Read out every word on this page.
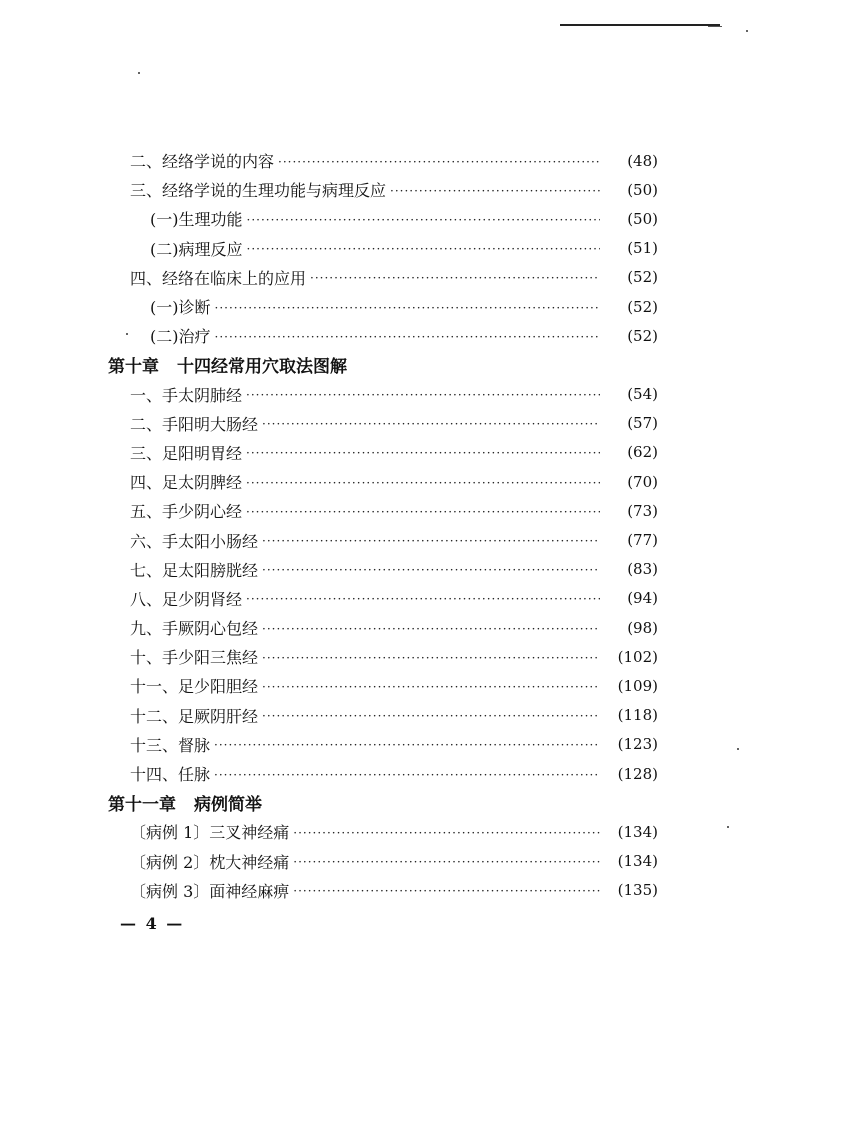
二、经络学说的内容 ·····	(48)
三、经络学说的生理功能与病理反应 ·····	(50)
(一)生理功能 ·····	(50)
(二)病理反应 ·····	(51)
四、经络在临床上的应用 ·····	(52)
(一)诊断 ·····	(52)
(二)治疗 ·····	(52)
第十章 十四经常用穴取法图解
一、手太阴肺经 ·····	(54)
二、手阳明大肠经 ·····	(57)
三、足阳明胃经 ·····	(62)
四、足太阴脾经 ·····	(70)
五、手少阴心经 ·····	(73)
六、手太阳小肠经 ·····	(77)
七、足太阳膀胱经 ·····	(83)
八、足少阴肾经 ·····	(94)
九、手厥阴心包经 ·····	(98)
十、手少阳三焦经 ·····	(102)
十一、足少阳胆经 ·····	(109)
十二、足厥阴肝经 ·····	(118)
十三、督脉 ·····	(123)
十四、任脉 ·····	(128)
第十一章 病例简举
〔病例 1〕三叉神经痛 ·····	(134)
〔病例 2〕枕大神经痛 ·····	(134)
〔病例 3〕面神经麻痹 ·····	(135)
— 4 —
